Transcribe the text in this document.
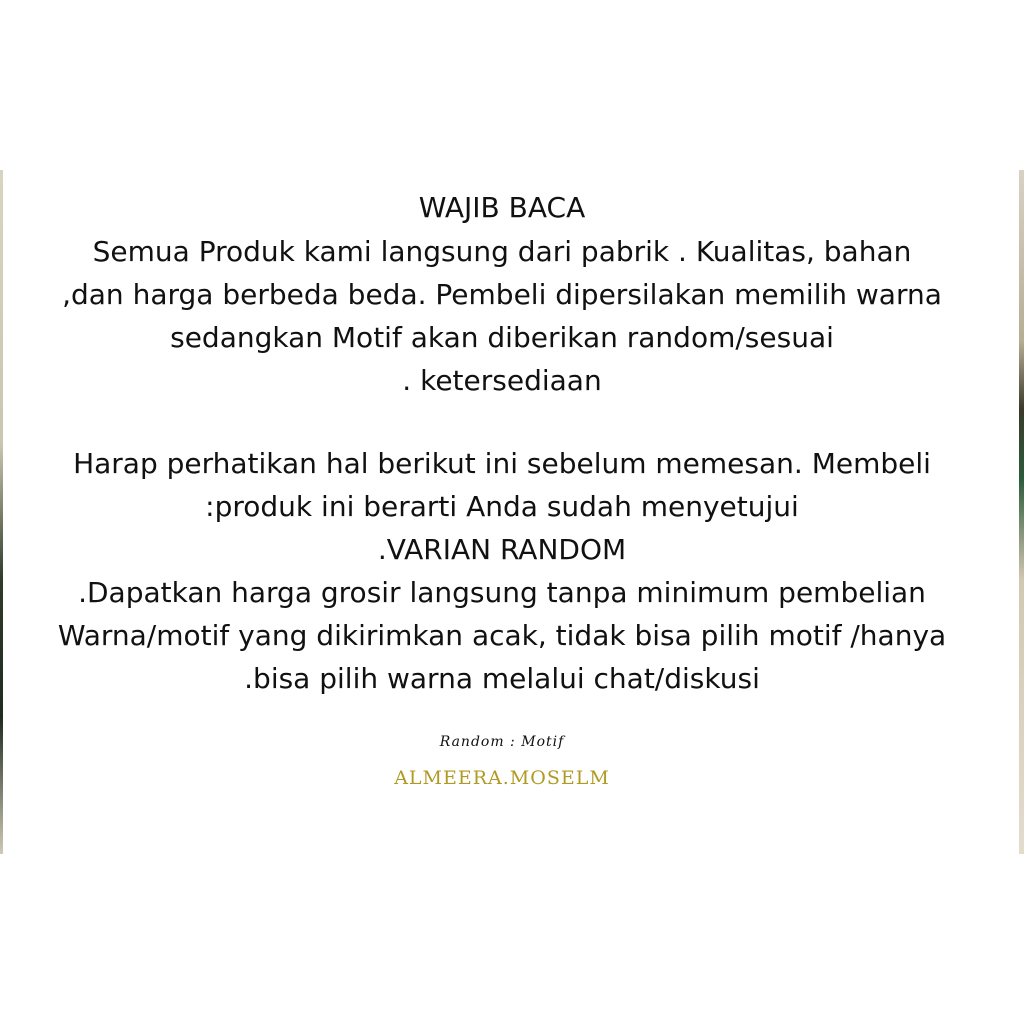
WAJIB BACA

Semua Produk kami langsung dari pabrik . Kualitas, bahan

,dan harga berbeda beda. Pembeli dipersilakan memilih warna

sedangkan Motif akan diberikan random/sesuai

. ketersediaan

Harap perhatikan hal berikut ini sebelum memesan. Membeli

:produk ini berarti Anda sudah menyetujui

.VARIAN RANDOM

.Dapatkan harga grosir langsung tanpa minimum pembelian

Warna/motif yang dikirimkan acak, tidak bisa pilih motif /hanya

.bisa pilih warna melalui chat/diskusi

Random : Motif
ALMEERA.MOSELM
